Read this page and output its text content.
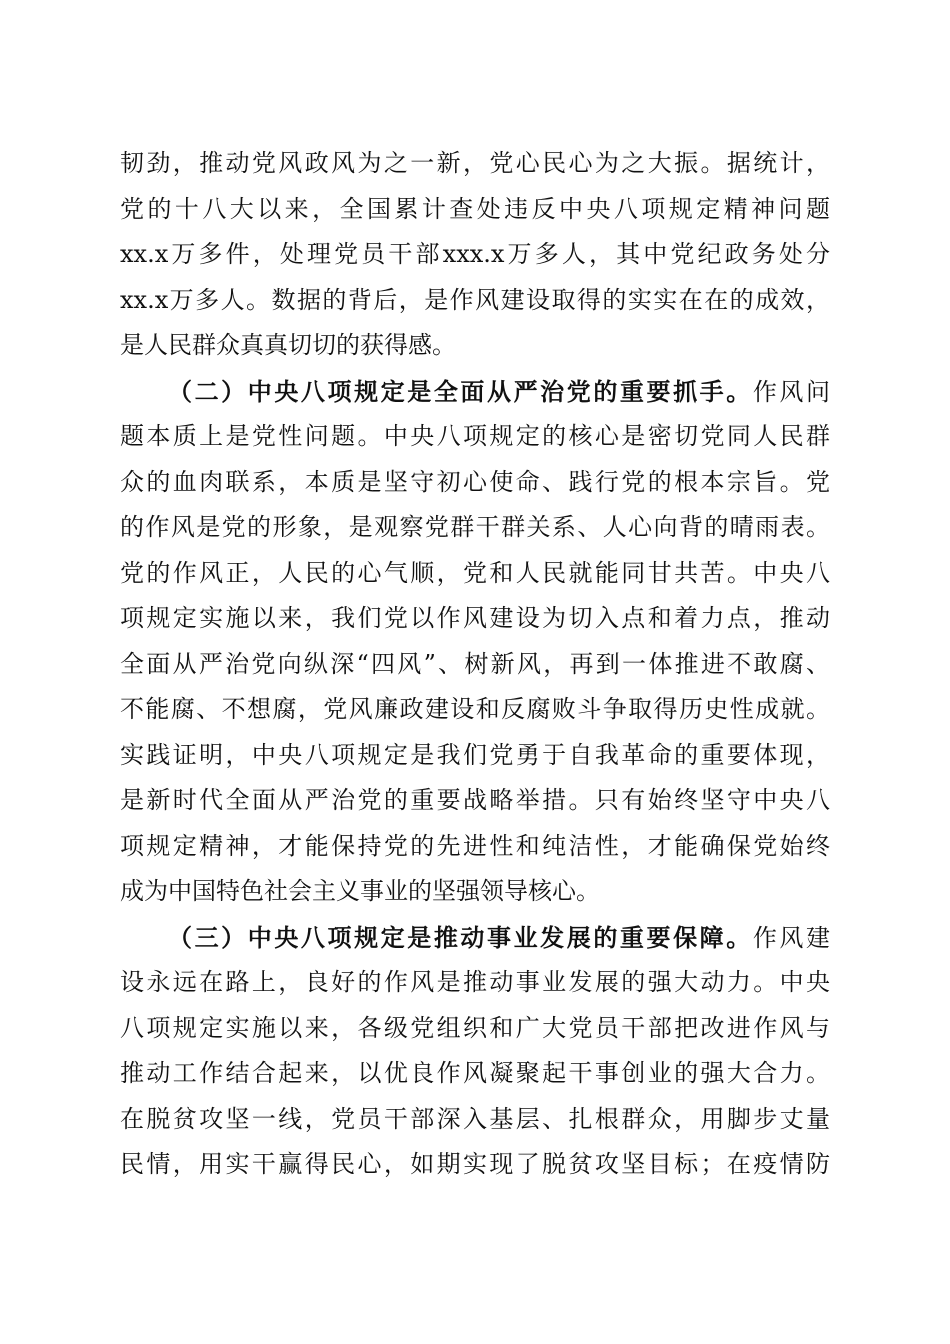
韧劲，推动党风政风为之一新，党心民心为之大振。据统计，
党的十八大以来，全国累计查处违反中央八项规定精神问题
xx.x万多件，处理党员干部xxx.x万多人，其中党纪政务处分
xx.x万多人。数据的背后，是作风建设取得的实实在在的成效，
是人民群众真真切切的获得感。
（二）中央八项规定是全面从严治党的重要抓手。作风问
题本质上是党性问题。中央八项规定的核心是密切党同人民群
众的血肉联系，本质是坚守初心使命、践行党的根本宗旨。党
的作风是党的形象，是观察党群干群关系、人心向背的晴雨表。
党的作风正，人民的心气顺，党和人民就能同甘共苦。中央八
项规定实施以来，我们党以作风建设为切入点和着力点，推动
全面从严治党向纵深“四风”、树新风，再到一体推进不敢腐、
不能腐、不想腐，党风廉政建设和反腐败斗争取得历史性成就。
实践证明，中央八项规定是我们党勇于自我革命的重要体现，
是新时代全面从严治党的重要战略举措。只有始终坚守中央八
项规定精神，才能保持党的先进性和纯洁性，才能确保党始终
成为中国特色社会主义事业的坚强领导核心。
（三）中央八项规定是推动事业发展的重要保障。作风建
设永远在路上，良好的作风是推动事业发展的强大动力。中央
八项规定实施以来，各级党组织和广大党员干部把改进作风与
推动工作结合起来，以优良作风凝聚起干事创业的强大合力。
在脱贫攻坚一线，党员干部深入基层、扎根群众，用脚步丈量
民情，用实干赢得民心，如期实现了脱贫攻坚目标；在疫情防
